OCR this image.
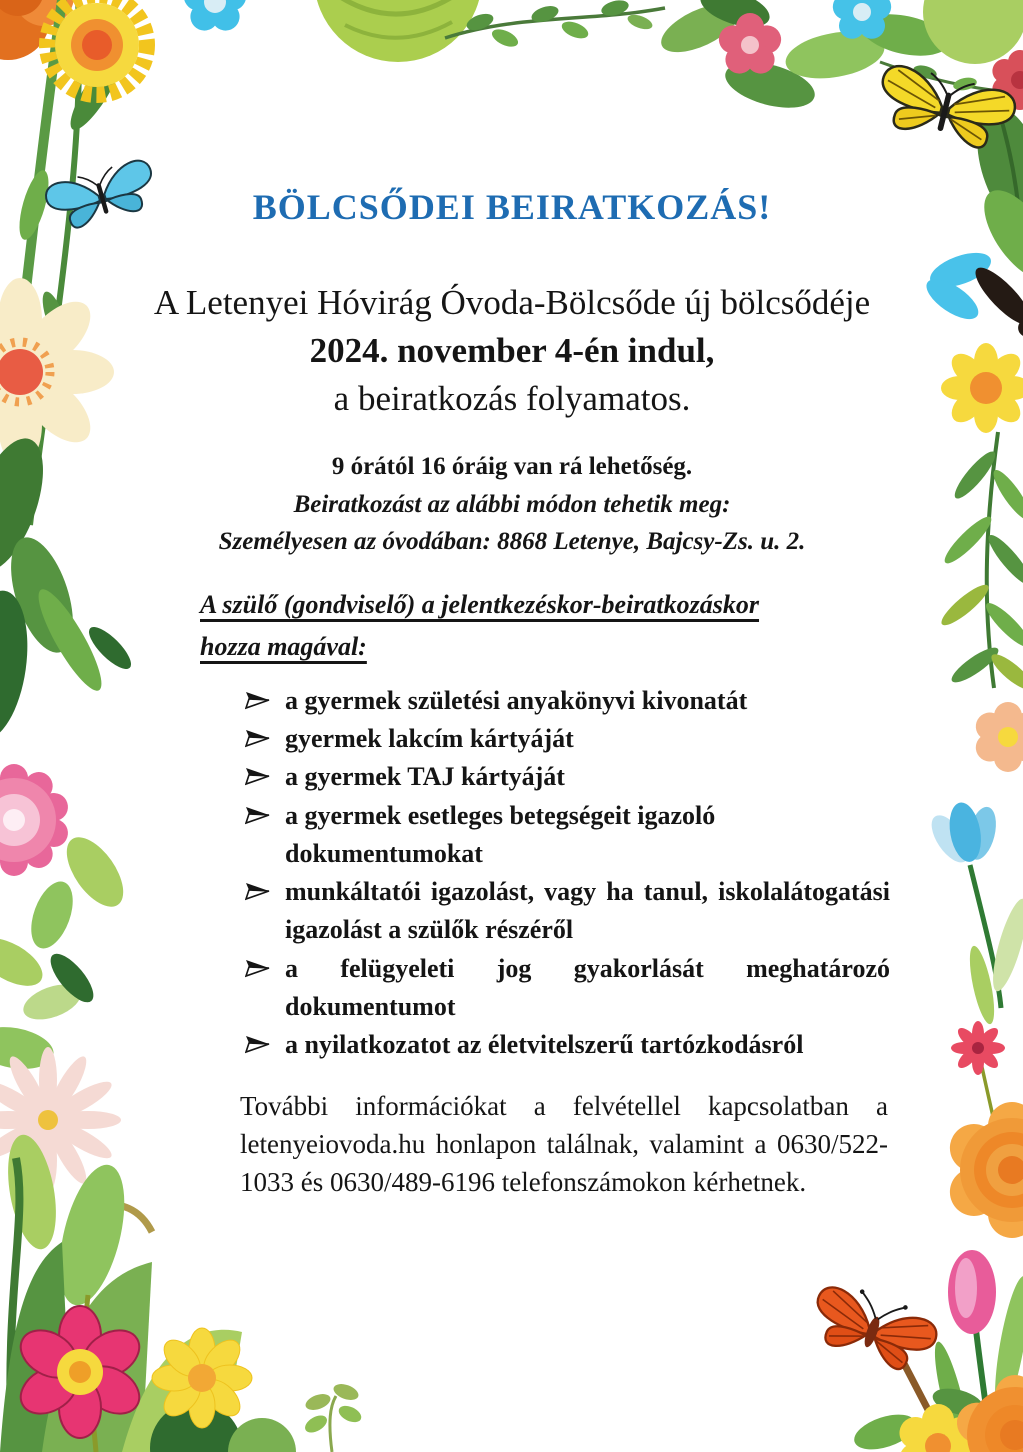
BÖLCSŐDEI BEIRATKOZÁS!
A Letenyei Hóvirág Óvoda-Bölcsőde új bölcsődéje
2024. november 4-én indul,
a beiratkozás folyamatos.
9 órától 16 óráig van rá lehetőség.
Beiratkozást az alábbi módon tehetik meg:
Személyesen az óvodában: 8868 Letenye, Bajcsy-Zs. u. 2.
A szülő (gondviselő) a jelentkezéskor-beiratkozáskor
hozza magával:
a gyermek születési anyakönyvi kivonatát
gyermek lakcím kártyáját
a gyermek TAJ kártyáját
a gyermek esetleges betegségeit igazoló dokumentumokat
munkáltatói igazolást, vagy ha tanul, iskolalátogatási igazolást a szülők részéről
a felügyeleti jog gyakorlását meghatározó dokumentumot
a nyilatkozatot az életvitelszerű tartózkodásról
További információkat a felvétellel kapcsolatban a letenyeiovoda.hu honlapon találnak, valamint a 0630/522-1033 és 0630/489-6196 telefonszámokon kérhetnek.
